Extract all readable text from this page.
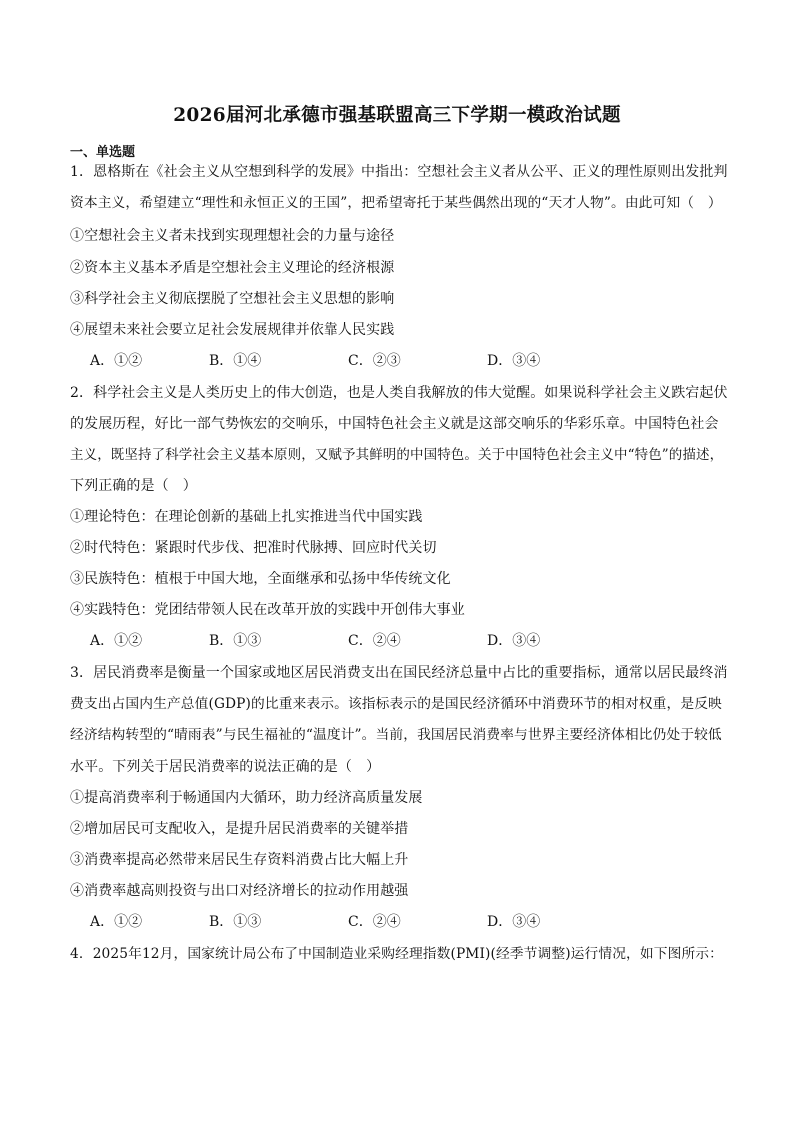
2026届河北承德市强基联盟高三下学期一模政治试题
一、单选题
1．恩格斯在《社会主义从空想到科学的发展》中指出：空想社会主义者从公平、正义的理性原则出发批判
资本主义，希望建立“理性和永恒正义的王国”，把希望寄托于某些偶然出现的“天才人物”。由此可知（　）
①空想社会主义者未找到实现理想社会的力量与途径
②资本主义基本矛盾是空想社会主义理论的经济根源
③科学社会主义彻底摆脱了空想社会主义思想的影响
④展望未来社会要立足社会发展规律并依靠人民实践
A．①②	B．①④	C．②③	D．③④
2．科学社会主义是人类历史上的伟大创造，也是人类自我解放的伟大觉醒。如果说科学社会主义跌宕起伏
的发展历程，好比一部气势恢宏的交响乐，中国特色社会主义就是这部交响乐的华彩乐章。中国特色社会
主义，既坚持了科学社会主义基本原则，又赋予其鲜明的中国特色。关于中国特色社会主义中“特色”的描述，
下列正确的是（　）
①理论特色：在理论创新的基础上扎实推进当代中国实践
②时代特色：紧跟时代步伐、把准时代脉搏、回应时代关切
③民族特色：植根于中国大地，全面继承和弘扬中华传统文化
④实践特色：党团结带领人民在改革开放的实践中开创伟大事业
A．①②	B．①③	C．②④	D．③④
3．居民消费率是衡量一个国家或地区居民消费支出在国民经济总量中占比的重要指标，通常以居民最终消
费支出占国内生产总值(GDP)的比重来表示。该指标表示的是国民经济循环中消费环节的相对权重，是反映
经济结构转型的“晴雨表”与民生福祉的“温度计”。当前，我国居民消费率与世界主要经济体相比仍处于较低
水平。下列关于居民消费率的说法正确的是（　）
①提高消费率利于畅通国内大循环，助力经济高质量发展
②增加居民可支配收入，是提升居民消费率的关键举措
③消费率提高必然带来居民生存资料消费占比大幅上升
④消费率越高则投资与出口对经济增长的拉动作用越强
A．①②	B．①③	C．②④	D．③④
4．2025年12月，国家统计局公布了中国制造业采购经理指数(PMI)(经季节调整)运行情况，如下图所示：
